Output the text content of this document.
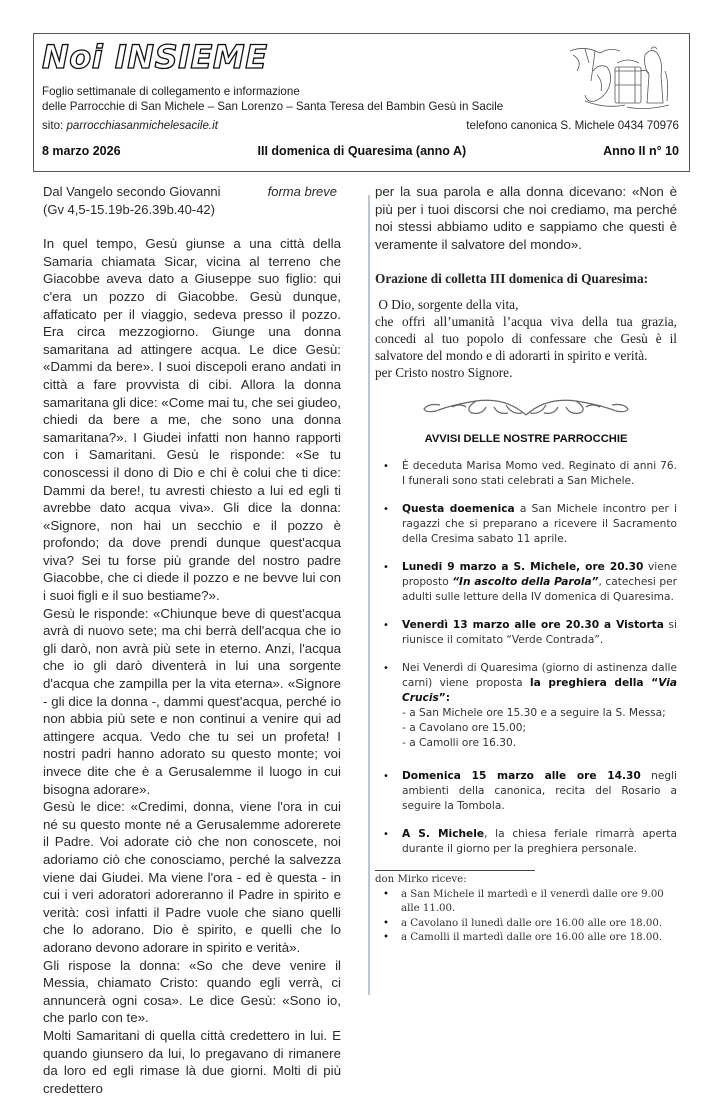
Noi INSIEME
Foglio settimanale di collegamento e informazione
delle Parrocchie di San Michele – San Lorenzo – Santa Teresa del Bambin Gesù in Sacile
sito: parrocchiasanmichelesacile.it	telefono canonica S. Michele 0434 70976
8 marzo 2026	III domenica di Quaresima (anno A)	Anno II n° 10
Dal Vangelo secondo Giovanni	forma breve
(Gv 4,5-15.19b-26.39b.40-42)

In quel tempo, Gesù giunse a una città della Samaria chiamata Sicar, vicina al terreno che Giacobbe aveva dato a Giuseppe suo figlio: qui c'era un pozzo di Giacobbe. Gesù dunque, affaticato per il viaggio, sedeva presso il pozzo. Era circa mezzogiorno. Giunge una donna samaritana ad attingere acqua. Le dice Gesù: «Dammi da bere». I suoi discepoli erano andati in città a fare provvista di cibi. Allora la donna samaritana gli dice: «Come mai tu, che sei giudeo, chiedi da bere a me, che sono una donna samaritana?». I Giudei infatti non hanno rapporti con i Samaritani. Gesù le risponde: «Se tu conoscessi il dono di Dio e chi è colui che ti dice: Dammi da bere!, tu avresti chiesto a lui ed egli ti avrebbe dato acqua viva». Gli dice la donna: «Signore, non hai un secchio e il pozzo è profondo; da dove prendi dunque quest'acqua viva? Sei tu forse più grande del nostro padre Giacobbe, che ci diede il pozzo e ne bevve lui con i suoi figli e il suo bestiame?».

Gesù le risponde: «Chiunque beve di quest'acqua avrà di nuovo sete; ma chi berrà dell'acqua che io gli darò, non avrà più sete in eterno. Anzi, l'acqua che io gli darò diventerà in lui una sorgente d'acqua che zampilla per la vita eterna». «Signore - gli dice la donna -, dammi quest'acqua, perché io non abbia più sete e non continui a venire qui ad attingere acqua. Vedo che tu sei un profeta! I nostri padri hanno adorato su questo monte; voi invece dite che è a Gerusalemme il luogo in cui bisogna adorare».

Gesù le dice: «Credimi, donna, viene l'ora in cui né su questo monte né a Gerusalemme adorerete il Padre. Voi adorate ciò che non conoscete, noi adoriamo ciò che conosciamo, perché la salvezza viene dai Giudei. Ma viene l'ora - ed è questa - in cui i veri adoratori adoreranno il Padre in spirito e verità: così infatti il Padre vuole che siano quelli che lo adorano. Dio è spirito, e quelli che lo adorano devono adorare in spirito e verità».

Gli rispose la donna: «So che deve venire il Messia, chiamato Cristo: quando egli verrà, ci annuncerà ogni cosa». Le dice Gesù: «Sono io, che parlo con te».

Molti Samaritani di quella città credettero in lui. E quando giunsero da lui, lo pregavano di rimanere da loro ed egli rimase là due giorni. Molti di più credettero

per la sua parola e alla donna dicevano: «Non è più per i tuoi discorsi che noi crediamo, ma perché noi stessi abbiamo udito e sappiamo che questi è veramente il salvatore del mondo».

Orazione di colletta III domenica di Quaresima:
O Dio, sorgente della vita,
che offri all’umanità l’acqua viva della tua grazia, concedi al tuo popolo di confessare che Gesù è il salvatore del mondo e di adorarti in spirito e verità.
per Cristo nostro Signore.
AVVISI DELLE NOSTRE PARROCCHIE
• È deceduta Marisa Momo ved. Reginato di anni 76. I funerali sono stati celebrati a San Michele.
• Questa doemenica a San Michele incontro per i ragazzi che si preparano a ricevere il Sacramento della Cresima sabato 11 aprile.
• Lunedi 9 marzo a S. Michele, ore 20.30 viene proposto “In ascolto della Parola”, catechesi per adulti sulle letture della IV domenica di Quaresima.
• Venerdì 13 marzo alle ore 20.30 a Vistorta si riunisce il comitato “Verde Contrada”.
• Nei Venerdì di Quaresima (giorno di astinenza dalle carni) viene proposta la preghiera della “Via Crucis”:
- a San Michele ore 15.30 e a seguire la S. Messa;
- a Cavolano ore 15.00;
- a Camolli ore 16.30.
• Domenica 15 marzo alle ore 14.30 negli ambienti della canonica, recita del Rosario a seguire la Tombola.
• A S. Michele, la chiesa feriale rimarrà aperta durante il giorno per la preghiera personale.
don Mirko riceve:
• a San Michele il martedì e il venerdì dalle ore 9.00 alle 11.00.
• a Cavolano il lunedì dalle ore 16.00 alle ore 18.00.
• a Camolli il martedì dalle ore 16.00 alle ore 18.00.
